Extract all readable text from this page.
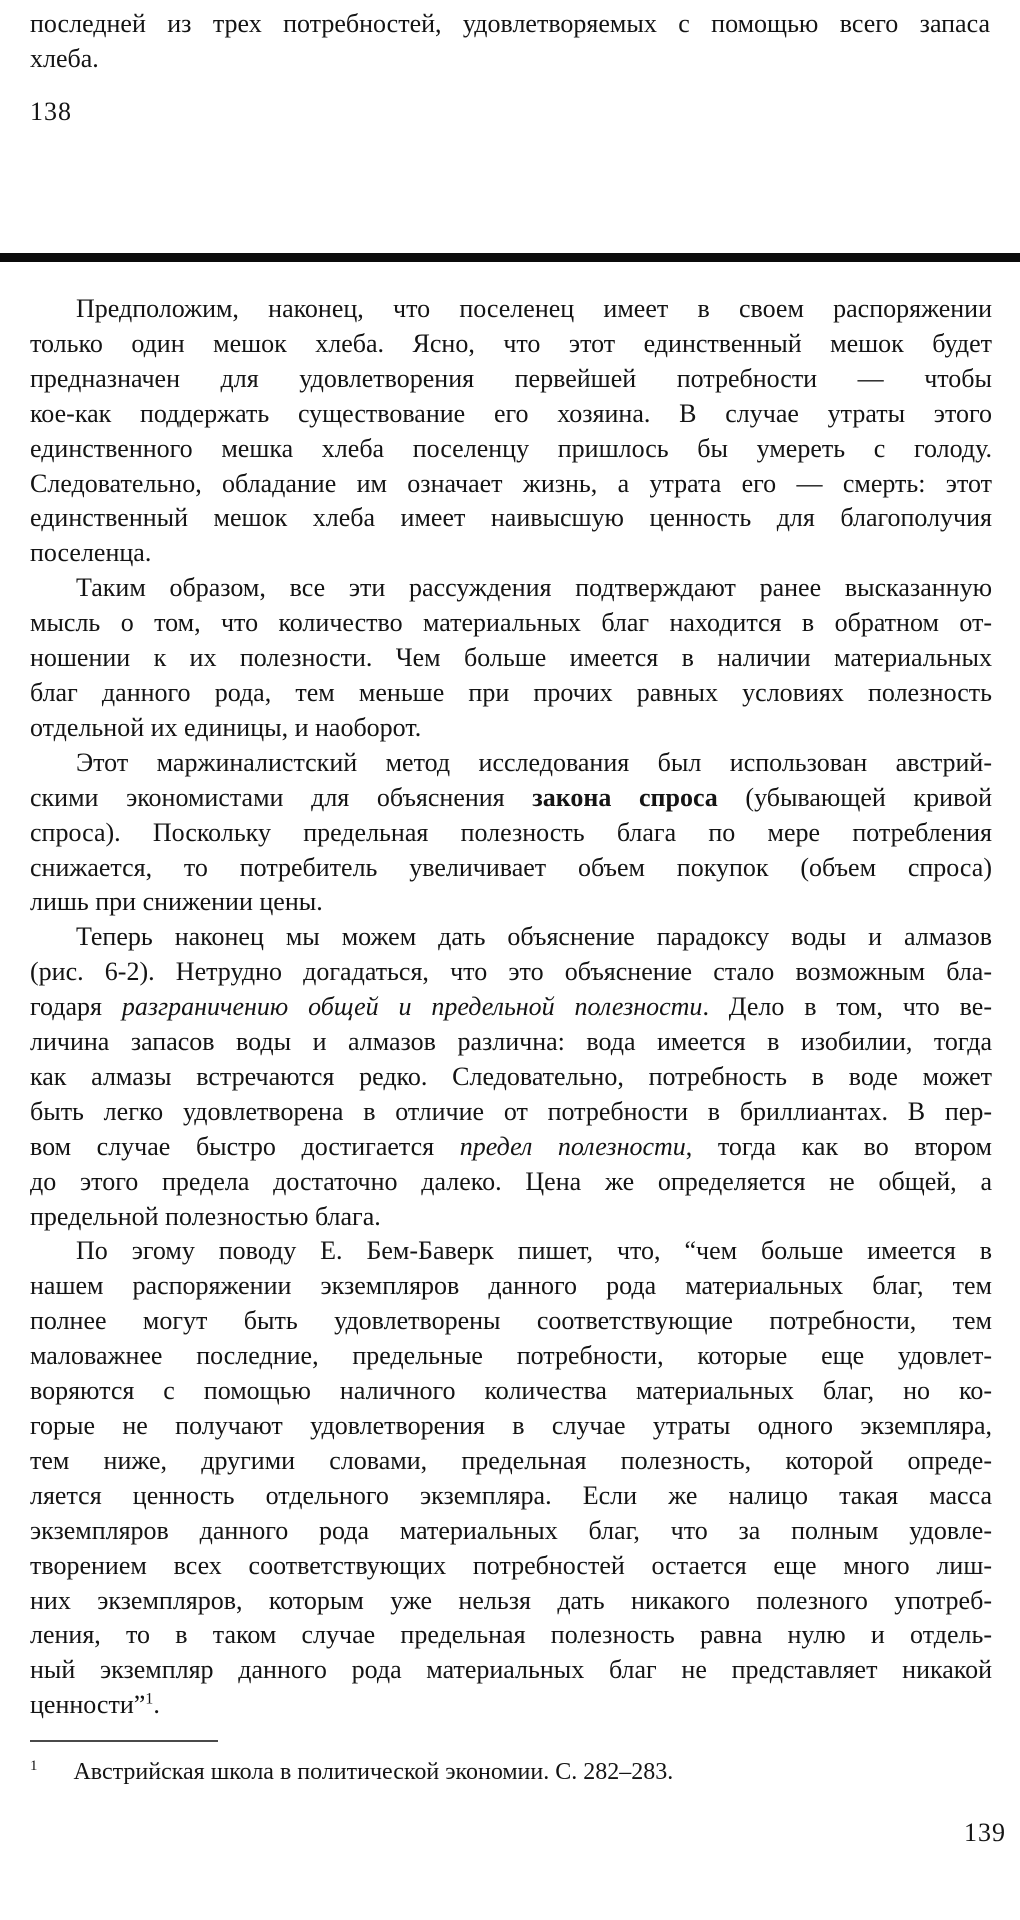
последней из трех потребностей, удовлетворяемых с помощью всего запаса
хлеба.
138
Предположим, наконец, что поселенец имеет в своем распоряжении
только один мешок хлеба. Ясно, что этот единственный мешок будет
предназначен для удовлетворения первейшей потребности — чтобы
кое-как поддержать существование его хозяина. В случае утраты этого
единственного мешка хлеба поселенцу пришлось бы умереть с голоду.
Следовательно, обладание им означает жизнь, а утрата его — смерть: этот
единственный мешок хлеба имеет наивысшую ценность для благополучия
поселенца.
Таким образом, все эти рассуждения подтверждают ранее высказанную
мысль о том, что количество материальных благ находится в обратном от-
ношении к их полезности. Чем больше имеется в наличии материальных
благ данного рода, тем меньше при прочих равных условиях полезность
отдельной их единицы, и наоборот.
Этот маржиналистский метод исследования был использован австрий-
скими экономистами для объяснения закона спроса (убывающей кривой
спроса). Поскольку предельная полезность блага по мере потребления
снижается, то потребитель увеличивает объем покупок (объем спроса)
лишь при снижении цены.
Теперь наконец мы можем дать объяснение парадоксу воды и алмазов
(рис. 6-2). Нетрудно догадаться, что это объяснение стало возможным бла-
годаря разграничению общей и предельной полезности. Дело в том, что ве-
личина запасов воды и алмазов различна: вода имеется в изобилии, тогда
как алмазы встречаются редко. Следовательно, потребность в воде может
быть легко удовлетворена в отличие от потребности в бриллиантах. В пер-
вом случае быстро достигается предел полезности, тогда как во втором
до этого предела достаточно далеко. Цена же определяется не общей, а
предельной полезностью блага.
По эгому поводу Е. Бем-Баверк пишет, что, “чем больше имеется в
нашем распоряжении экземпляров данного рода материальных благ, тем
полнее могут быть удовлетворены соответствующие потребности, тем
маловажнее последние, предельные потребности, которые еще удовлет-
воряются с помощью наличного количества материальных благ, но ко-
горые не получают удовлетворения в случае утраты одного экземпляра,
тем ниже, другими словами, предельная полезность, которой опреде-
ляется ценность отдельного экземпляра. Если же налицо такая масса
экземпляров данного рода материальных благ, что за полным удовле-
творением всех соответствующих потребностей остается еще много лиш-
них экземпляров, которым уже нельзя дать никакого полезного употреб-
ления, то в таком случае предельная полезность равна нулю и отдель-
ный экземпляр данного рода материальных благ не представляет никакой
ценности”$^1$.
$^1$ Австрийская школа в политической экономии. С. 282–283.
139
